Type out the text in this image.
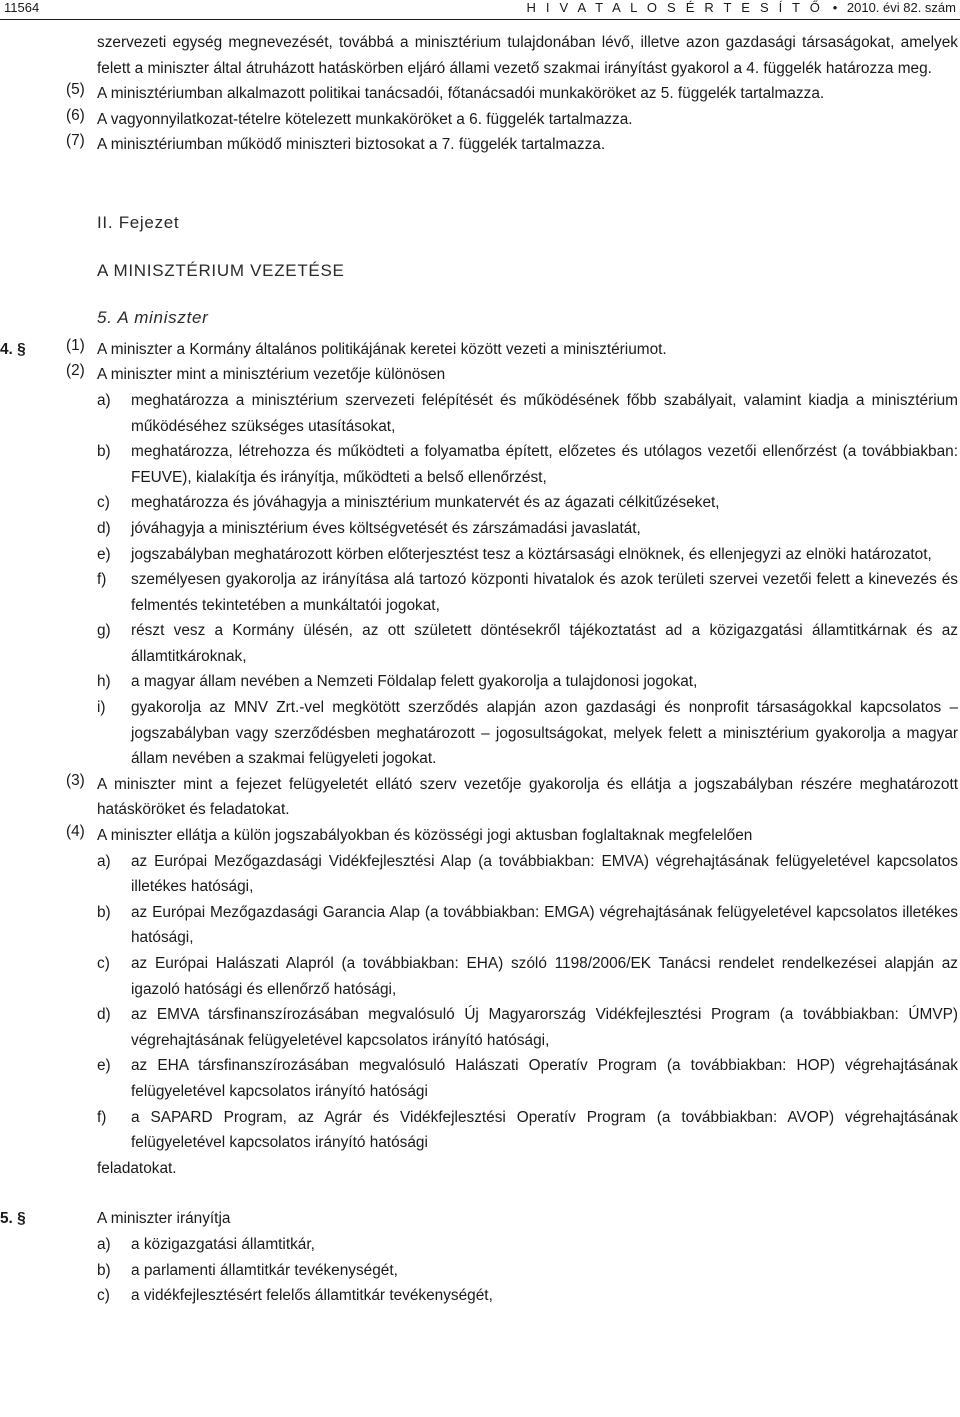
11564	H I V A T A L O S É R T E S Í T Ő • 2010. évi 82. szám
szervezeti egység megnevezését, továbbá a minisztérium tulajdonában lévő, illetve azon gazdasági társaságokat, amelyek felett a miniszter által átruházott hatáskörben eljáró állami vezető szakmai irányítást gyakorol a 4. függelék határozza meg.
(5) A minisztériumban alkalmazott politikai tanácsadói, főtanácsadói munkaköröket az 5. függelék tartalmazza.
(6) A vagyonnyilatkozat-tételre kötelezett munkaköröket a 6. függelék tartalmazza.
(7) A minisztériumban működő miniszteri biztosokat a 7. függelék tartalmazza.
II. Fejezet
A MINISZTÉRIUM VEZETÉSE
5. A miniszter
4. §	(1) A miniszter a Kormány általános politikájának keretei között vezeti a minisztériumot.
(2) A miniszter mint a minisztérium vezetője különösen
a)	meghatározza a minisztérium szervezeti felépítését és működésének főbb szabályait, valamint kiadja a minisztérium működéséhez szükséges utasításokat,
b)	meghatározza, létrehozza és működteti a folyamatba épített, előzetes és utólagos vezetői ellenőrzést (a továbbiakban: FEUVE), kialakítja és irányítja, működteti a belső ellenőrzést,
c)	meghatározza és jóváhagyja a minisztérium munkatervét és az ágazati célkitűzéseket,
d)	jóváhagyja a minisztérium éves költségvetését és zárszámadási javaslatát,
e)	jogszabályban meghatározott körben előterjesztést tesz a köztársasági elnöknek, és ellenjegyzi az elnöki határozatot,
f)	személyesen gyakorolja az irányítása alá tartozó központi hivatalok és azok területi szervei vezetői felett a kinevezés és felmentés tekintetében a munkáltatói jogokat,
g)	részt vesz a Kormány ülésén, az ott született döntésekről tájékoztatást ad a közigazgatási államtitkárnak és az államtitkároknak,
h)	a magyar állam nevében a Nemzeti Földalap felett gyakorolja a tulajdonosi jogokat,
i)	gyakorolja az MNV Zrt.-vel megkötött szerződés alapján azon gazdasági és nonprofit társaságokkal kapcsolatos – jogszabályban vagy szerződésben meghatározott – jogosultságokat, melyek felett a minisztérium gyakorolja a magyar állam nevében a szakmai felügyeleti jogokat.
(3) A miniszter mint a fejezet felügyeletét ellátó szerv vezetője gyakorolja és ellátja a jogszabályban részére meghatározott hatásköröket és feladatokat.
(4) A miniszter ellátja a külön jogszabályokban és közösségi jogi aktusban foglaltaknak megfelelően
a)	az Európai Mezőgazdasági Vidékfejlesztési Alap (a továbbiakban: EMVA) végrehajtásának felügyeletével kapcsolatos illetékes hatósági,
b)	az Európai Mezőgazdasági Garancia Alap (a továbbiakban: EMGA) végrehajtásának felügyeletével kapcsolatos illetékes hatósági,
c)	az Európai Halászati Alapról (a továbbiakban: EHA) szóló 1198/2006/EK Tanácsi rendelet rendelkezései alapján az igazoló hatósági és ellenőrző hatósági,
d)	az EMVA társfinanszírozásában megvalósuló Új Magyarország Vidékfejlesztési Program (a továbbiakban: ÚMVP) végrehajtásának felügyeletével kapcsolatos irányító hatósági,
e)	az EHA társfinanszírozásában megvalósuló Halászati Operatív Program (a továbbiakban: HOP) végrehajtásának felügyeletével kapcsolatos irányító hatósági
f)	a SAPARD Program, az Agrár és Vidékfejlesztési Operatív Program (a továbbiakban: AVOP) végrehajtásának felügyeletével kapcsolatos irányító hatósági
feladatokat.
5. §	A miniszter irányítja
a)	a közigazgatási államtitkár,
b)	a parlamenti államtitkár tevékenységét,
c)	a vidékfejlesztésért felelős államtitkár tevékenységét,
